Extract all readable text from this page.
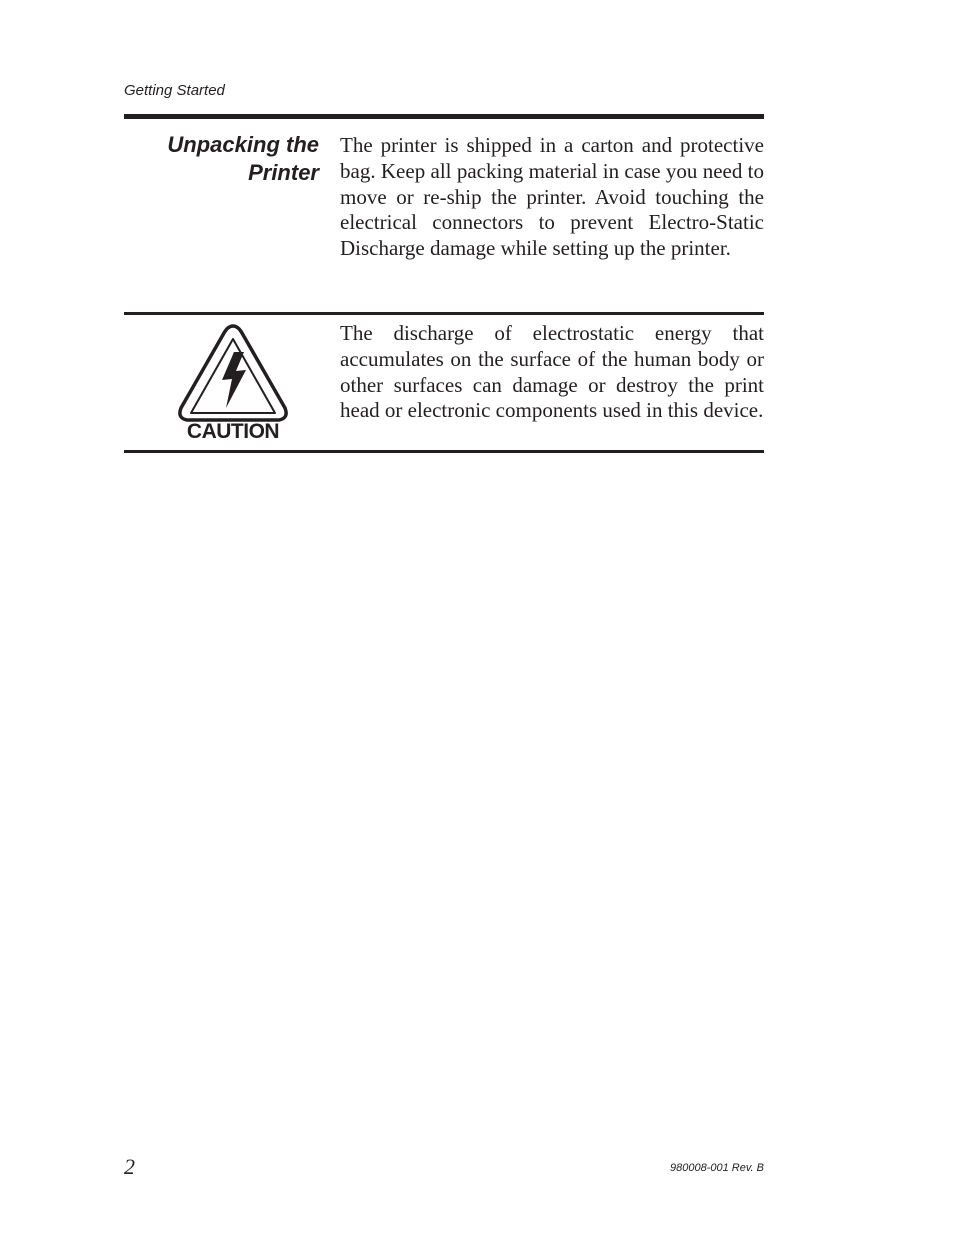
Getting Started
Unpacking the
Printer
The printer is shipped in a carton and protective bag. Keep all packing material in case you need to move or re-ship the printer. Avoid touching the electrical connectors to prevent Electro-Static Discharge damage while setting up the printer.
CAUTION
The discharge of electrostatic energy that accumulates on the surface of the human body or other surfaces can damage or destroy the print head or electronic components used in this device.
2	980008-001 Rev. B
